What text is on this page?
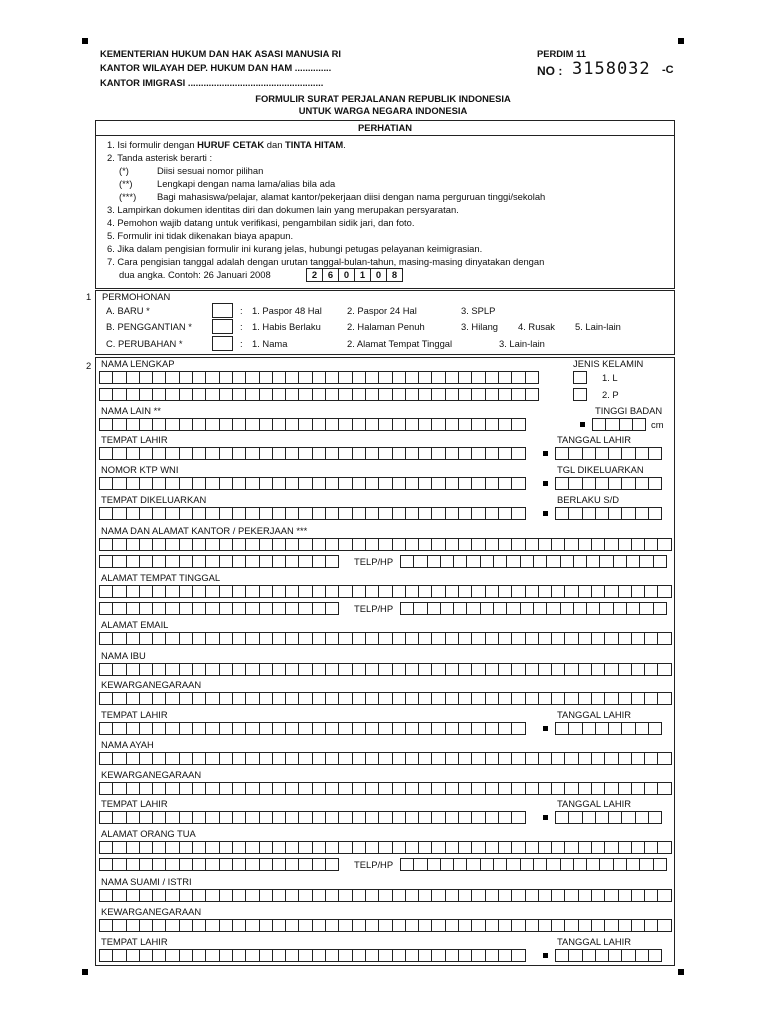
KEMENTERIAN HUKUM DAN HAK ASASI MANUSIA RI
KANTOR WILAYAH DEP. HUKUM DAN HAM ..............
KANTOR IMIGRASI ....................................................
PERDIM 11
NO : 3158032 -C
FORMULIR SURAT PERJALANAN REPUBLIK INDONESIA
UNTUK WARGA NEGARA INDONESIA
PERHATIAN
1. Isi formulir dengan HURUF CETAK dan TINTA HITAM.
2. Tanda asterisk berarti :
(*)	Diisi sesuai nomor pilihan
(**)	Lengkapi dengan nama lama/alias bila ada
(***) Bagi mahasiswa/pelajar, alamat kantor/pekerjaan diisi dengan nama perguruan tinggi/sekolah
3. Lampirkan dokumen identitas diri dan dokumen lain yang merupakan persyaratan.
4. Pemohon wajib datang untuk verifikasi, pengambilan sidik jari, dan foto.
5. Formulir ini tidak dikenakan biaya apapun.
6. Jika dalam pengisian formulir ini kurang jelas, hubungi petugas pelayanan keimigrasian.
7. Cara pengisian tanggal adalah dengan urutan tanggal-bulan-tahun, masing-masing dinyatakan dengan
dua angka. Contoh: 26 Januari 2008	2	6	0	1	0	8
1 PERMOHONAN
A. BARU *	: 1. Paspor 48 Hal	2. Paspor 24 Hal	3. SPLP
B. PENGGANTIAN *	: 1. Habis Berlaku	2. Halaman Penuh	3. Hilang 4. Rusak 5. Lain-lain
C. PERUBAHAN *	: 1. Nama	2. Alamat Tempat Tinggal	3. Lain-lain
2 NAMA LENGKAP	JENIS KELAMIN
1. L
2. P
NAMA LAIN **	TINGGI BADAN
cm
TEMPAT LAHIR	TANGGAL LAHIR
NOMOR KTP WNI	TGL DIKELUARKAN
TEMPAT DIKELUARKAN	BERLAKU S/D
NAMA DAN ALAMAT KANTOR / PEKERJAAN ***
TELP/HP
ALAMAT TEMPAT TINGGAL
TELP/HP
ALAMAT EMAIL
NAMA IBU
KEWARGANEGARAAN
TEMPAT LAHIR	TANGGAL LAHIR
NAMA AYAH
KEWARGANEGARAAN
TEMPAT LAHIR	TANGGAL LAHIR
ALAMAT ORANG TUA
TELP/HP
NAMA SUAMI / ISTRI
KEWARGANEGARAAN
TEMPAT LAHIR	TANGGAL LAHIR
